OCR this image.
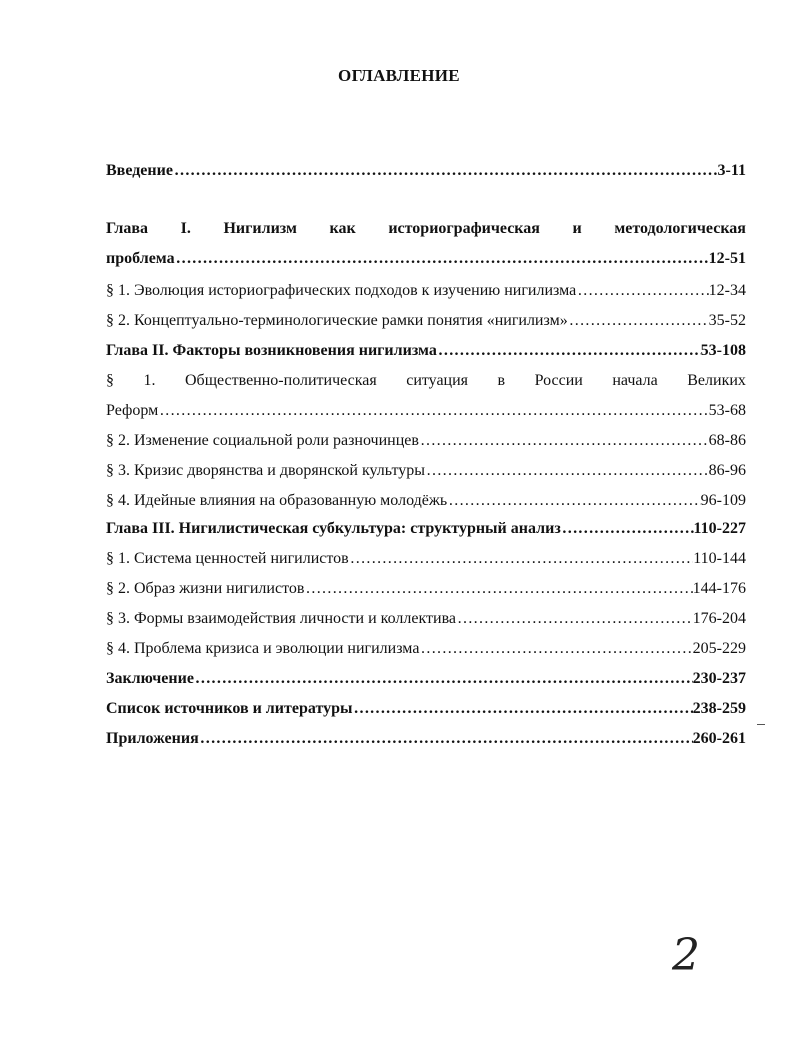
ОГЛАВЛЕНИЕ
Введение ……………………………………………………………………………………………………………………………………………………………………	3-11
Глава I. Нигилизм как историографическая и методологическая
проблема ……………………………………………………………………………………………………………………………………………………………………	12-51
§ 1. Эволюция историографических подходов к изучению нигилизма ……………………………………………………………………………………………………………………………………………………………………	12-34
§ 2. Концептуально-терминологические рамки понятия «нигилизм» ……………………………………………………………………………………………………………………………………………………………………	35-52
Глава II. Факторы возникновения нигилизма ……………………………………………………………………………………………………………………………………………………………………	53-108
§ 1. Общественно-политическая ситуация в России начала Великих
Реформ ……………………………………………………………………………………………………………………………………………………………………	53-68
§ 2. Изменение социальной роли разночинцев ……………………………………………………………………………………………………………………………………………………………………	68-86
§ 3. Кризис дворянства и дворянской культуры ……………………………………………………………………………………………………………………………………………………………………	86-96
§ 4. Идейные влияния на образованную молодёжь ……………………………………………………………………………………………………………………………………………………………………	96-109
Глава III. Нигилистическая субкультура: структурный анализ ……………………………………………………………………………………………………………………………………………………………………	110-227
§ 1. Система ценностей нигилистов ……………………………………………………………………………………………………………………………………………………………………	110-144
§ 2. Образ жизни нигилистов ……………………………………………………………………………………………………………………………………………………………………	144-176
§ 3. Формы взаимодействия личности и коллектива ……………………………………………………………………………………………………………………………………………………………………	176-204
§ 4. Проблема кризиса и эволюции нигилизма ……………………………………………………………………………………………………………………………………………………………………	205-229
Заключение ……………………………………………………………………………………………………………………………………………………………………	230-237
Список источников и литературы ……………………………………………………………………………………………………………………………………………………………………	238-259
Приложения ……………………………………………………………………………………………………………………………………………………………………	260-261
2
